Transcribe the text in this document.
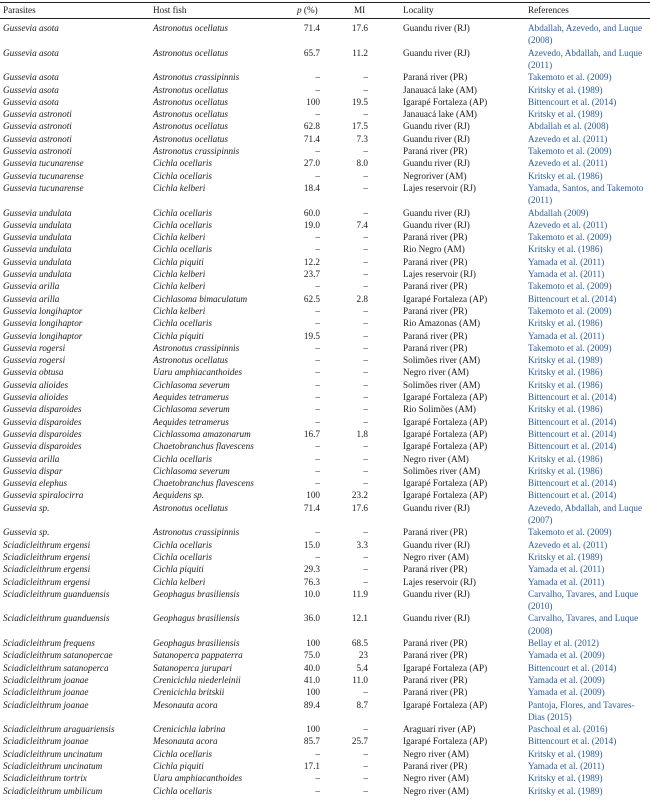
Parasites	Host fish	p (%)	MI	Locality	References
Gussevia asota	Astronotus ocellatus	71.4	17.6	Guandu river (RJ)	Abdallah, Azevedo, and Luque (2008)
Gussevia asota	Astronotus ocellatus	65.7	11.2	Guandu river (RJ)	Azevedo, Abdallah, and Luque (2011)
Gussevia asota	Astronotus crassipinnis	–	–	Paraná river (PR)	Takemoto et al. (2009)
Gussevia asota	Astronotus ocellatus	–	–	Janauacá lake (AM)	Kritsky et al. (1989)
Gussevia asota	Astronotus ocellatus	100	19.5	Igarapé Fortaleza (AP)	Bittencourt et al. (2014)
Gussevia astronoti	Astronotus ocellatus	–	–	Janauacá lake (AM)	Kritsky et al. (1989)
Gussevia astronoti	Astronotus ocellatus	62.8	17.5	Guandu river (RJ)	Abdallah et al. (2008)
Gussevia astronoti	Astronotus ocellatus	71.4	7.3	Guandu river (RJ)	Azevedo et al. (2011)
Gussevia astronoti	Astronotus crassipinnis	–	–	Paraná river (PR)	Takemoto et al. (2009)
Gussevia tucunarense	Cichla ocellaris	27.0	8.0	Guandu river (RJ)	Azevedo et al. (2011)
Gussevia tucunarense	Cichla ocellaris	–	–	Negroriver (AM)	Kritsky et al. (1986)
Gussevia tucunarense	Cichla kelberi	18.4	–	Lajes reservoir (RJ)	Yamada, Santos, and Takemoto (2011)
Gussevia undulata	Cichla ocellaris	60.0	–	Guandu river (RJ)	Abdallah (2009)
Gussevia undulata	Cichla ocellaris	19.0	7.4	Guandu river (RJ)	Azevedo et al. (2011)
Gussevia undulata	Cichla kelberi	–	–	Paraná river (PR)	Takemoto et al. (2009)
Gussevia undulata	Cichla ocellaris	–	–	Rio Negro (AM)	Kritsky et al. (1986)
Gussevia undulata	Cichla piquiti	12.2	–	Paraná river (PR)	Yamada et al. (2011)
Gussevia undulata	Cichla kelberi	23.7	–	Lajes reservoir (RJ)	Yamada et al. (2011)
Gussevia arilla	Cichla kelberi	–	–	Paraná river (PR)	Takemoto et al. (2009)
Gussevia arilla	Cichlasoma bimaculatum	62.5	2.8	Igarapé Fortaleza (AP)	Bittencourt et al. (2014)
Gussevia longihaptor	Cichla kelberi	–	–	Paraná river (PR)	Takemoto et al. (2009)
Gussevia longihaptor	Cichla ocellaris	–	–	Rio Amazonas (AM)	Kritsky et al. (1986)
Gussevia longihaptor	Cichla piquiti	19.5	–	Paraná river (PR)	Yamada et al. (2011)
Gussevia rogersi	Astronotus crassipinnis	–	–	Paraná river (PR)	Takemoto et al. (2009)
Gussevia rogersi	Astronotus ocellatus	–	–	Solimões river (AM)	Kritsky et al. (1989)
Gussevia obtusa	Uaru amphiacanthoides	–	–	Negro river (AM)	Kritsky et al. (1986)
Gussevia alioides	Cichlasoma severum	–	–	Solimões river (AM)	Kritsky et al. (1986)
Gussevia alioides	Aequides tetramerus	–	–	Igarapé Fortaleza (AP)	Bittencourt et al. (2014)
Gussevia disparoides	Cichlasoma severum	–	–	Rio Solimões (AM)	Kritsky et al. (1986)
Gussevia disparoides	Aequides tetramerus	–	–	Igarapé Fortaleza (AP)	Bittencourt et al. (2014)
Gussevia disparoides	Cichlassoma amazonarum	16.7	1.8	Igarapé Fortaleza (AP)	Bittencourt et al. (2014)
Gussevia disparoides	Chaetobranchus flavescens	–	–	Igarapé Fortaleza (AP)	Bittencourt et al. (2014)
Gussevia arilla	Cichla ocellaris	–	–	Negro river (AM)	Kritsky et al. (1986)
Gussevia dispar	Cichlasoma severum	–	–	Solimões river (AM)	Kritsky et al. (1986)
Gussevia elephus	Chaetobranchus flavescens	–	–	Igarapé Fortaleza (AP)	Bittencourt et al. (2014)
Gussevia spiralocirra	Aequidens sp.	100	23.2	Igarapé Fortaleza (AP)	Bittencourt et al. (2014)
Gussevia sp.	Astronotus ocellatus	71.4	17.6	Guandu river (RJ)	Azevedo, Abdallah, and Luque (2007)
Gussevia sp.	Astronotus crassipinnis	–	–	Paraná river (PR)	Takemoto et al. (2009)
Sciadicleithrum ergensi	Cichla ocellaris	15.0	3.3	Guandu river (RJ)	Azevedo et al. (2011)
Sciadicleithrum ergensi	Cichla ocellaris	–	–	Negro river (AM)	Kritsky et al. (1989)
Sciadicleithrum ergensi	Cichla piquiti	29.3	–	Paraná river (PR)	Yamada et al. (2011)
Sciadicleithrum ergensi	Cichla kelberi	76.3	–	Lajes reservoir (RJ)	Yamada et al. (2011)
Sciadicleithrum guanduensis	Geophagus brasiliensis	10.0	11.9	Guandu river (RJ)	Carvalho, Tavares, and Luque (2010)
Sciadicleithrum guanduensis	Geophagus brasiliensis	36.0	12.1	Guandu river (RJ)	Carvalho, Tavares, and Luque (2008)
Sciadicleithrum frequens	Geophagus brasiliensis	100	68.5	Paraná river (PR)	Bellay et al. (2012)
Sciadicleithrum satanopercae	Satanoperca pappaterra	75.0	23	Paraná river (PR)	Yamada et al. (2009)
Sciadicleithrum satanoperca	Satanoperca jurupari	40.0	5.4	Igarapé Fortaleza (AP)	Bittencourt et al. (2014)
Sciadicleithrum joanae	Crenicichla niederleinii	41.0	11.0	Paraná river (PR)	Yamada et al. (2009)
Sciadicleithrum joanae	Crenicichla britskii	100	–	Paraná river (PR)	Yamada et al. (2009)
Sciadicleithrum joanae	Mesonauta acora	89.4	8.7	Igarapé Fortaleza (AP)	Pantoja, Flores, and Tavares-Dias (2015)
Sciadicleithrum araguariensis	Crenicichla labrina	100	–	Araguari river (AP)	Paschoal et al. (2016)
Sciadicleithrum joanae	Mesonauta acora	85.7	25.7	Igarapé Fortaleza (AP)	Bittencourt et al. (2014)
Sciadicleithrum uncinatum	Cichla ocellaris	–	–	Negro river (AM)	Kritsky et al. (1989)
Sciadicleithrum uncinatum	Cichla piquiti	17.1	–	Paraná river (PR)	Yamada et al. (2011)
Sciadicleithrum tortrix	Uaru amphiacanthoides	–	–	Negro river (AM)	Kritsky et al. (1989)
Sciadicleithrum umbilicum	Cichla ocellaris	–	–	Negro river (AM)	Kritsky et al. (1989)
